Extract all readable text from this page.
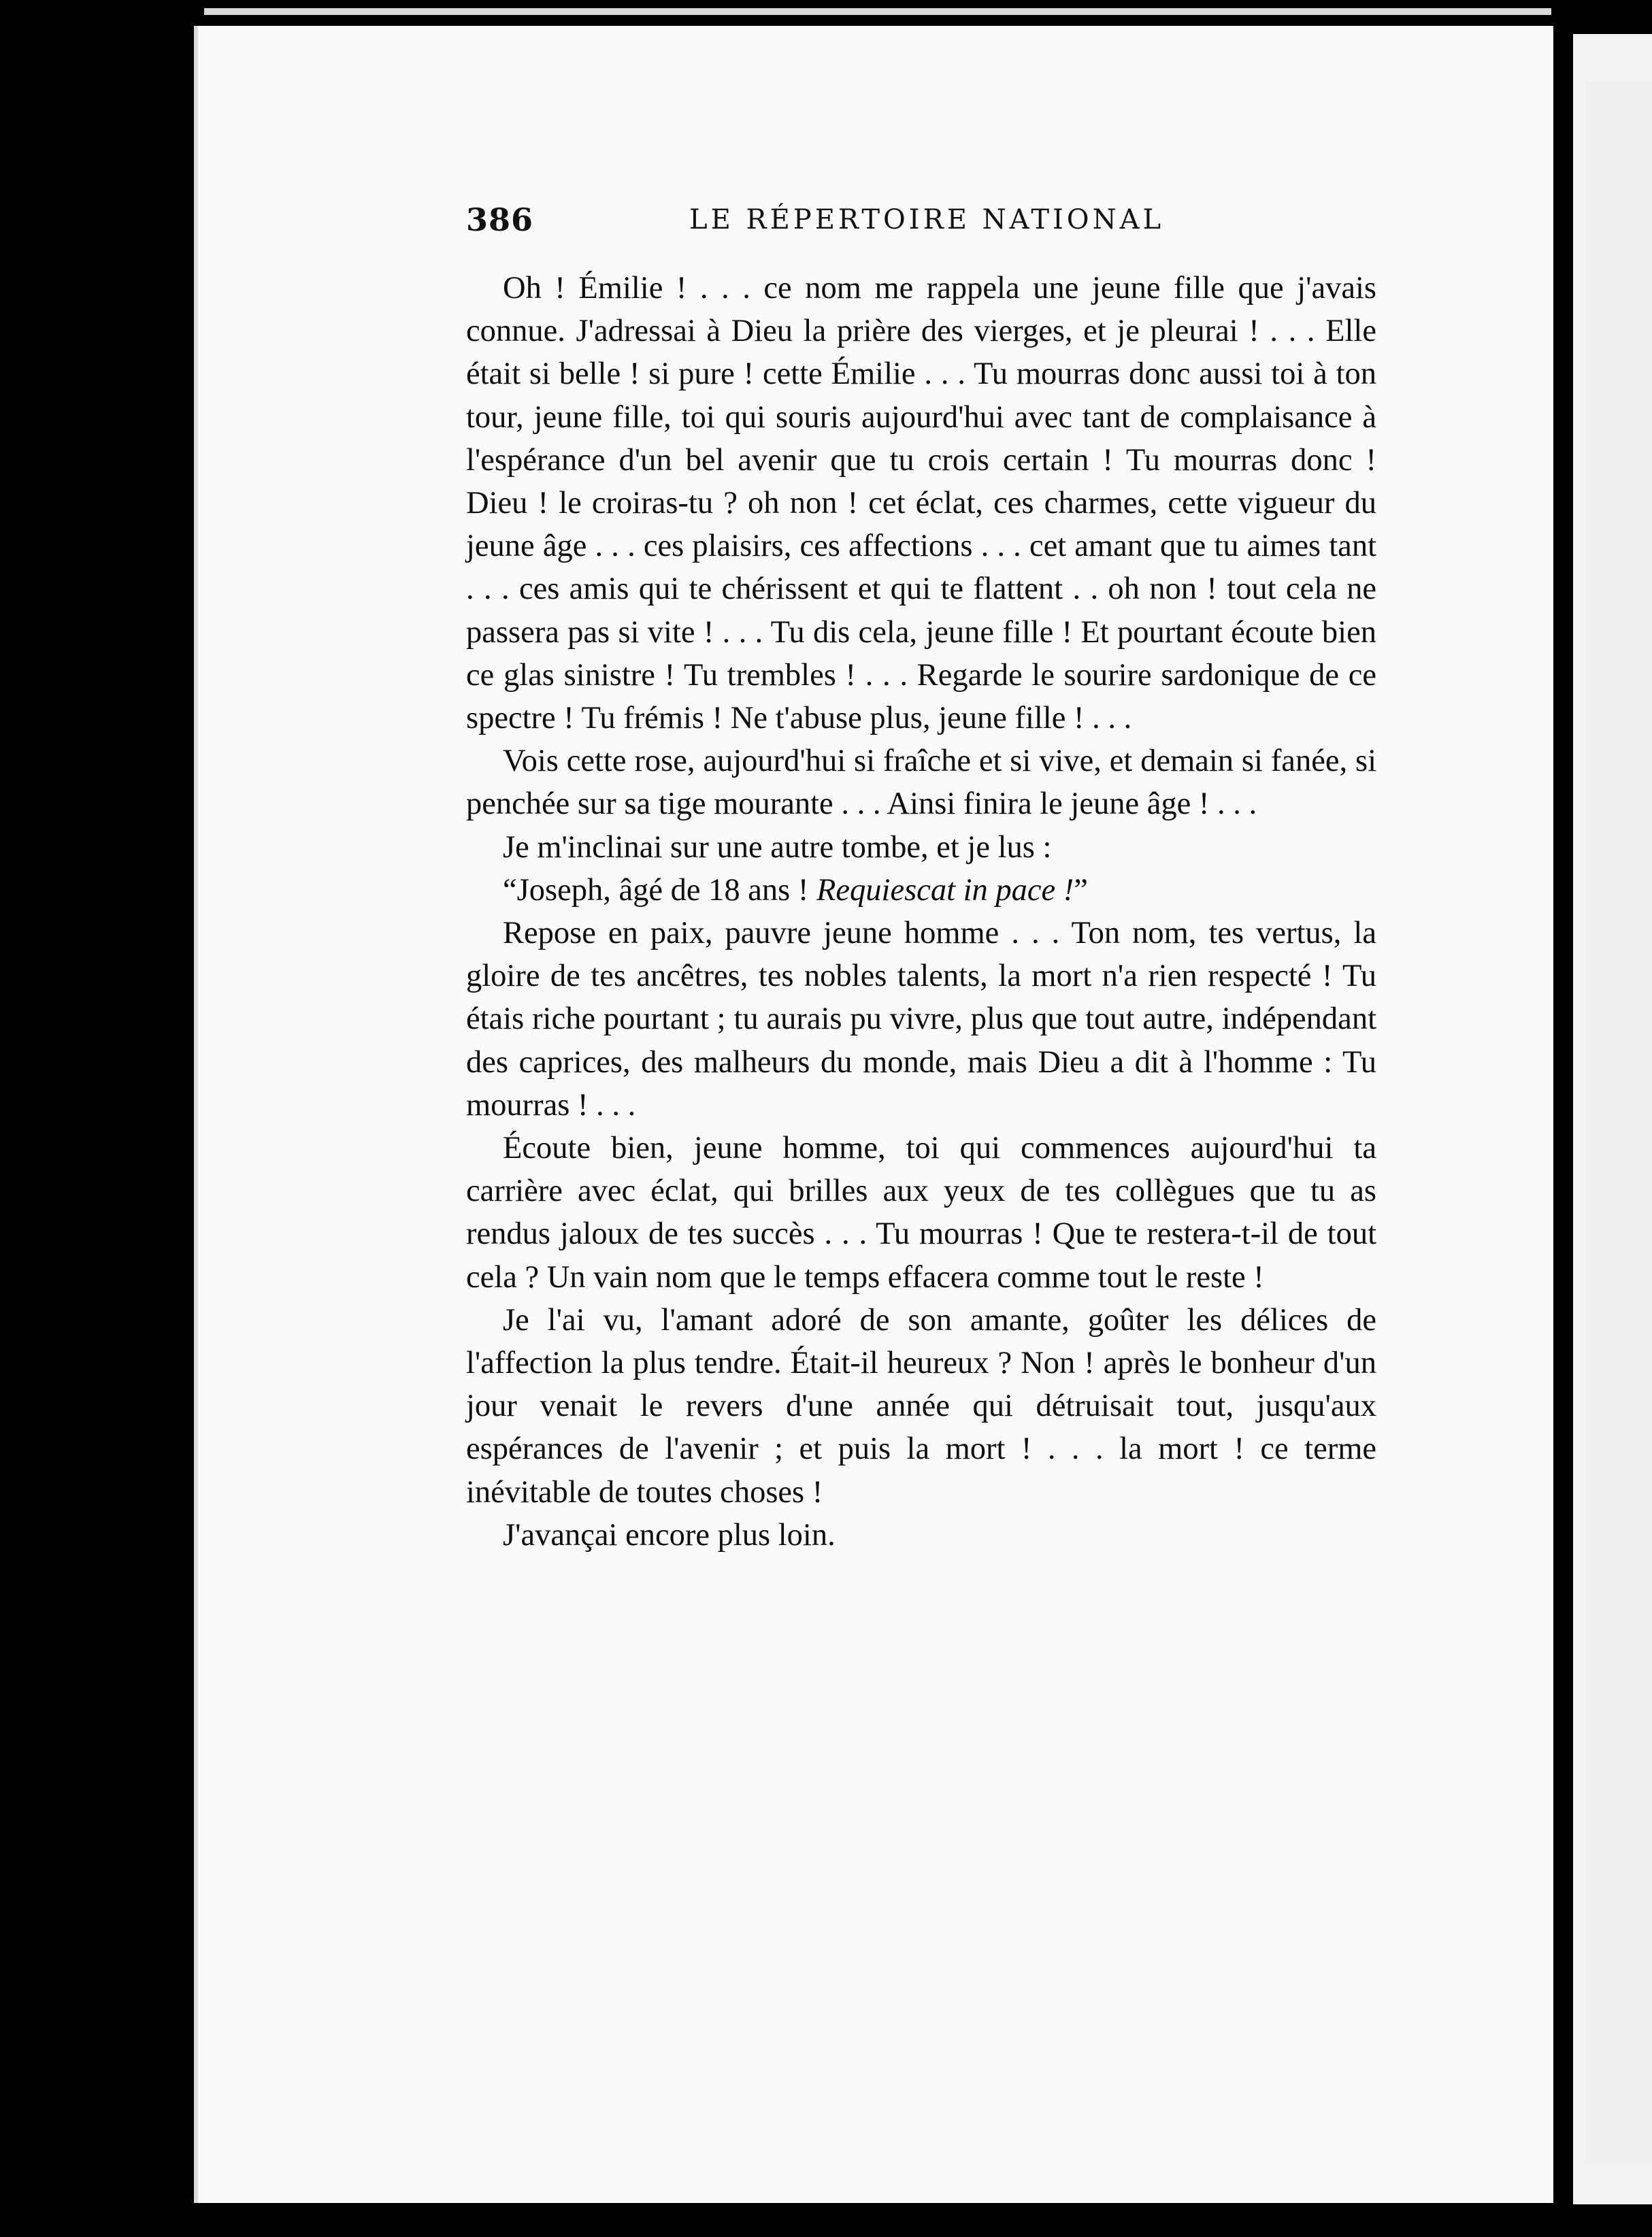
386	LE RÉPERTOIRE NATIONAL

Oh ! Émilie ! . . . ce nom me rappela une jeune fille que j'avais connue. J'adressai à Dieu la prière des vierges, et je pleurai ! . . . Elle était si belle ! si pure ! cette Émilie . . . Tu mourras donc aussi toi à ton tour, jeune fille, toi qui souris aujourd'hui avec tant de complaisance à l'espérance d'un bel avenir que tu crois certain ! Tu mourras donc ! Dieu ! le croiras-tu ? oh non ! cet éclat, ces charmes, cette vigueur du jeune âge . . . ces plaisirs, ces affections . . . cet amant que tu aimes tant . . . ces amis qui te chérissent et qui te flattent . . oh non ! tout cela ne passera pas si vite ! . . . Tu dis cela, jeune fille ! Et pourtant écoute bien ce glas sinistre ! Tu trembles ! . . . Regarde le sourire sardonique de ce spectre ! Tu frémis ! Ne t'abuse plus, jeune fille ! . . .

Vois cette rose, aujourd'hui si fraîche et si vive, et demain si fanée, si penchée sur sa tige mourante . . . Ainsi finira le jeune âge ! . . .

Je m'inclinai sur une autre tombe, et je lus :

“Joseph, âgé de 18 ans ! Requiescat in pace !”

Repose en paix, pauvre jeune homme . . . Ton nom, tes vertus, la gloire de tes ancêtres, tes nobles talents, la mort n'a rien respecté ! Tu étais riche pourtant ; tu aurais pu vivre, plus que tout autre, indépendant des caprices, des malheurs du monde, mais Dieu a dit à l'homme : Tu mourras ! . . .

Écoute bien, jeune homme, toi qui commences aujourd'hui ta carrière avec éclat, qui brilles aux yeux de tes collègues que tu as rendus jaloux de tes succès . . . Tu mourras ! Que te restera-t-il de tout cela ? Un vain nom que le temps effacera comme tout le reste !

Je l'ai vu, l'amant adoré de son amante, goûter les délices de l'affection la plus tendre. Était-il heureux ? Non ! après le bonheur d'un jour venait le revers d'une année qui détruisait tout, jusqu'aux espérances de l'avenir ; et puis la mort ! . . . la mort ! ce terme inévitable de toutes choses !

J'avançai encore plus loin.
